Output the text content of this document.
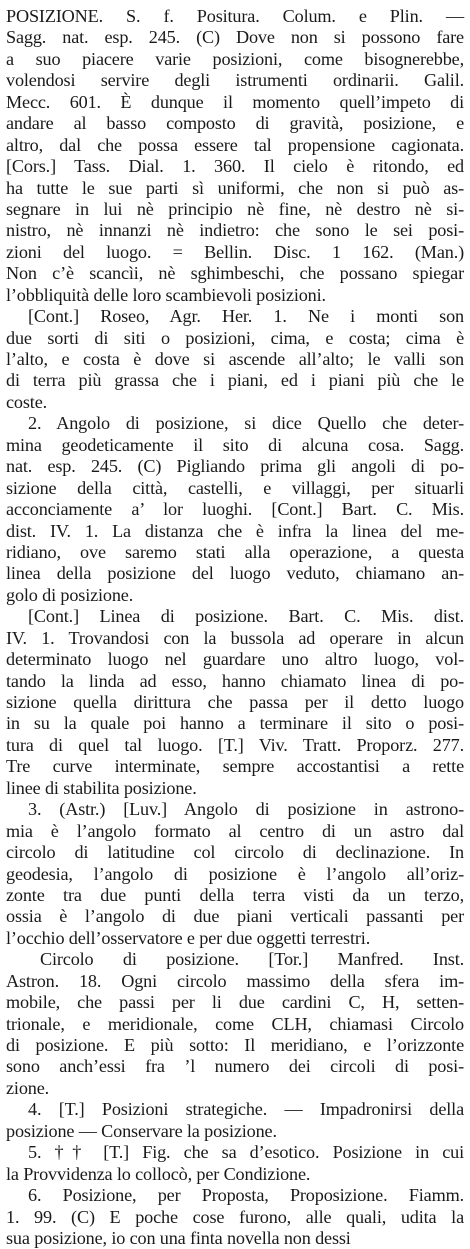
POSIZIONE. S. f. Positura. Colum. e Plin. —
Sagg. nat. esp. 245. (C) Dove non si possono fare
a suo piacere varie posizioni, come bisognerebbe,
volendosi servire degli istrumenti ordinarii. Galil.
Mecc. 601. È dunque il momento quell’impeto di
andare al basso composto di gravità, posizione, e
altro, dal che possa essere tal propensione cagionata.
[Cors.] Tass. Dial. 1. 360. Il cielo è ritondo, ed
ha tutte le sue parti sì uniformi, che non si può as-
segnare in lui nè principio nè fine, nè destro nè si-
nistro, nè innanzi nè indietro: che sono le sei posi-
zioni del luogo. = Bellin. Disc. 1 162. (Man.)
Non c’è scancìi, nè sghimbeschi, che possano spiegar
l’obbliquità delle loro scambievoli posizioni.
[Cont.] Roseo, Agr. Her. 1. Ne i monti son
due sorti di siti o posizioni, cima, e costa; cima è
l’alto, e costa è dove si ascende all’alto; le valli son
di terra più grassa che i piani, ed i piani più che le
coste.
2. Angolo di posizione, si dice Quello che deter-
mina geodeticamente il sito di alcuna cosa. Sagg.
nat. esp. 245. (C) Pigliando prima gli angoli di po-
sizione della città, castelli, e villaggi, per situarli
acconciamente a’ lor luoghi. [Cont.] Bart. C. Mis.
dist. IV. 1. La distanza che è infra la linea del me-
ridiano, ove saremo stati alla operazione, a questa
linea della posizione del luogo veduto, chiamano an-
golo di posizione.
[Cont.] Linea di posizione. Bart. C. Mis. dist.
IV. 1. Trovandosi con la bussola ad operare in alcun
determinato luogo nel guardare uno altro luogo, vol-
tando la linda ad esso, hanno chiamato linea di po-
sizione quella dirittura che passa per il detto luogo
in su la quale poi hanno a terminare il sito o posi-
tura di quel tal luogo. [T.] Viv. Tratt. Proporz. 277.
Tre curve interminate, sempre accostantisi a rette
linee di stabilita posizione.
3. (Astr.) [Luv.] Angolo di posizione in astrono-
mia è l’angolo formato al centro di un astro dal
circolo di latitudine col circolo di declinazione. In
geodesia, l’angolo di posizione è l’angolo all’oriz-
zonte tra due punti della terra visti da un terzo,
ossia è l’angolo di due piani verticali passanti per
l’occhio dell’osservatore e per due oggetti terrestri.
Circolo di posizione. [Tor.] Manfred. Inst.
Astron. 18. Ogni circolo massimo della sfera im-
mobile, che passi per li due cardini C, H, setten-
trionale, e meridionale, come CLH, chiamasi Circolo
di posizione. E più sotto: Il meridiano, e l’orizzonte
sono anch’essi fra ’l numero dei circoli di posi-
zione.
4. [T.] Posizioni strategiche. — Impadronirsi della
posizione — Conservare la posizione.
5. †† [T.] Fig. che sa d’esotico. Posizione in cui
la Provvidenza lo collocò, per Condizione.
6. Posizione, per Proposta, Proposizione. Fiamm.
1. 99. (C) E poche cose furono, alle quali, udita la
sua posizione, io con una finta novella non dessi
